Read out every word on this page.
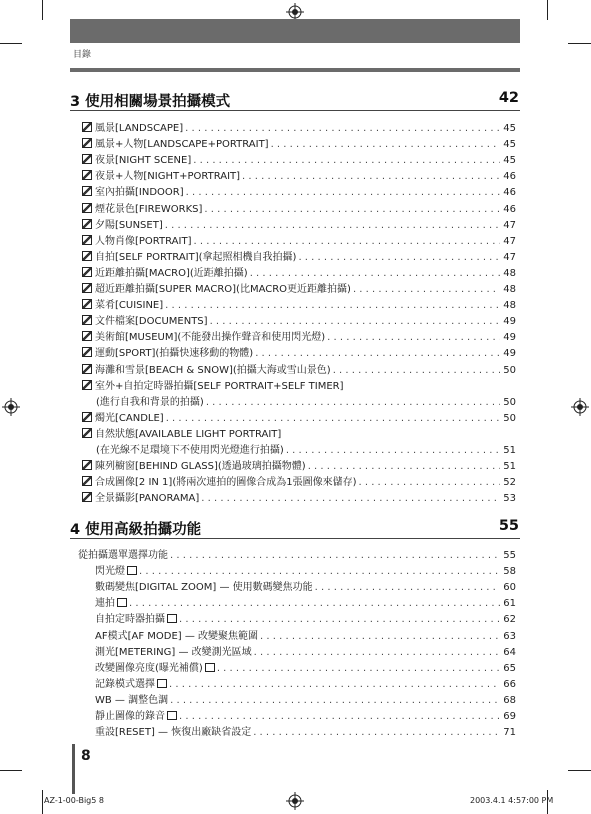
目錄
3 使用相關場景拍攝模式	42
風景[LANDSCAPE] . . .	45
風景+人物[LANDSCAPE+PORTRAIT] . . .	45
夜景[NIGHT SCENE] . . .	45
夜景+人物[NIGHT+PORTRAIT] . . .	46
室內拍攝[INDOOR] . . .	46
煙花景色[FIREWORKS] . . .	46
夕陽[SUNSET] . . .	47
人物肖像[PORTRAIT] . . .	47
自拍[SELF PORTRAIT](拿起照相機自我拍攝) . . .	47
近距離拍攝[MACRO](近距離拍攝) . . .	48
超近距離拍攝[SUPER MACRO](比MACRO更近距離拍攝) . . .	48
菜肴[CUISINE] . . .	48
文件檔案[DOCUMENTS] . . .	49
美術館[MUSEUM](不能發出操作聲音和使用閃光燈) . . .	49
運動[SPORT](拍攝快速移動的物體) . . .	49
海灘和雪景[BEACH & SNOW](拍攝大海或雪山景色) . . .	50
室外+自拍定時器拍攝[SELF PORTRAIT+SELF TIMER]
(進行自我和背景的拍攝) . . .	50
燭光[CANDLE] . . .	50
自然狀態[AVAILABLE LIGHT PORTRAIT]
(在光線不足環境下不使用閃光燈進行拍攝) . . .	51
陳列櫥窗[BEHIND GLASS](透過玻璃拍攝物體) . . .	51
合成圖像[2 IN 1](將兩次連拍的圖像合成為1張圖像來儲存) . . .	52
全景攝影[PANORAMA] . . .	53
4 使用高級拍攝功能	55
從拍攝選單選擇功能 . . .	55
閃光燈 . . .	58
數碼變焦[DIGITAL ZOOM] — 使用數碼變焦功能 . . .	60
連拍 . . .	61
自拍定時器拍攝 . . .	62
AF模式[AF MODE] — 改變聚焦範圍 . . .	63
測光[METERING] — 改變測光區域 . . .	64
改變圖像亮度(曝光補償) . . .	65
記錄模式選擇 . . .	66
WB — 調整色調 . . .	68
靜止圖像的錄音 . . .	69
重設[RESET] — 恢復出廠缺省設定 . . .	71
8
AZ-1-00-Big5 8	2003.4.1 4:57:00 PM
